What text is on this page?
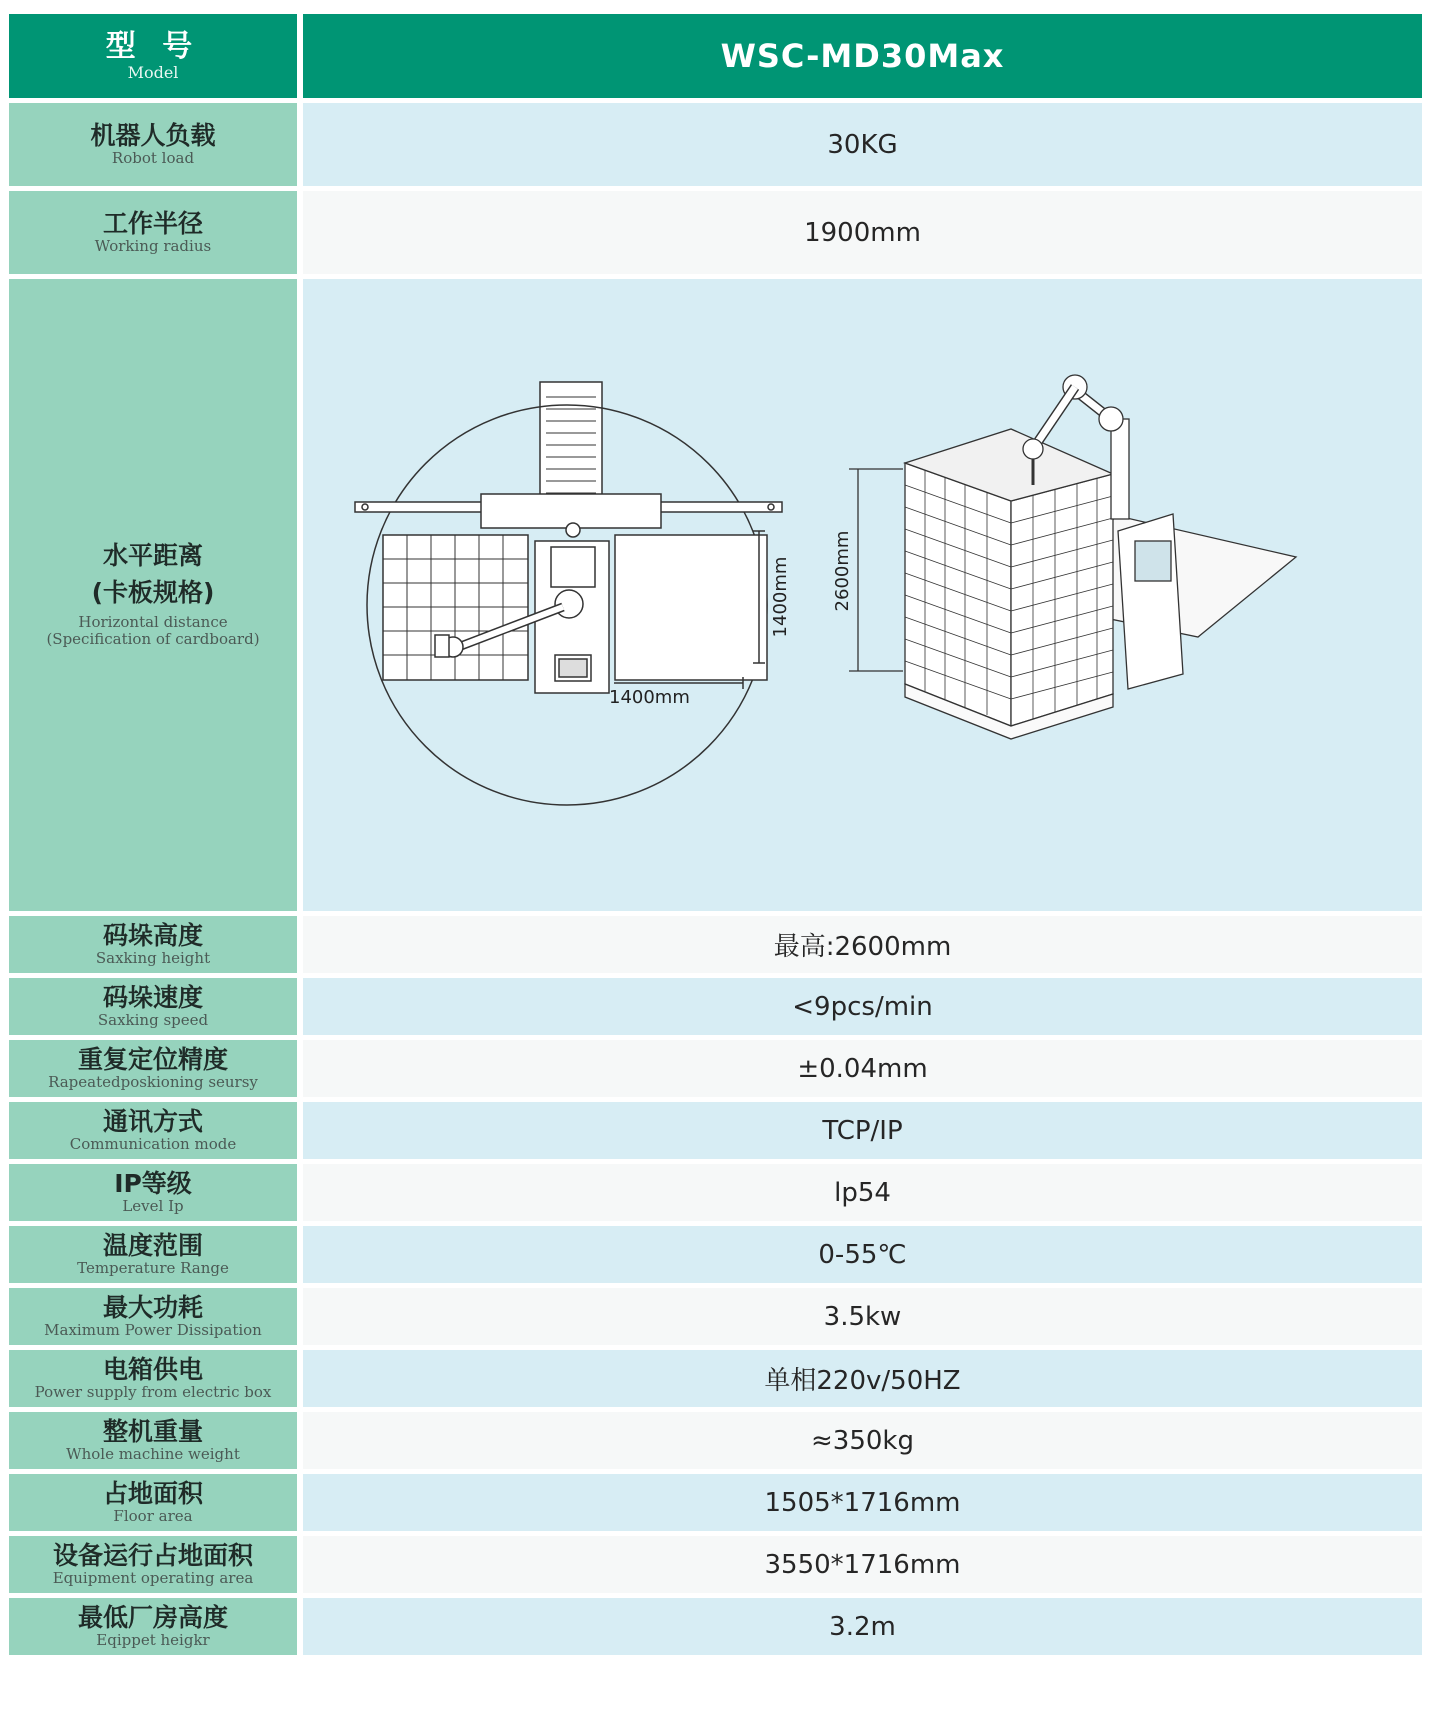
型 号
Model	WSC-MD30Max
机器人负载
Robot load	30KG
工作半径
Working radius	1900mm
水平距离
(卡板规格)
Horizontal distance
(Specification of cardboard)
1400mm
1400mm 2600mm
码垛高度
Saxking height	最高:2600mm
码垛速度
Saxking speed	<9pcs/min
重复定位精度
Rapeatedposkioning seursy	±0.04mm
通讯方式
Communication mode	TCP/IP
IP等级
Level Ip	lp54
温度范围
Temperature Range	0-55℃
最大功耗
Maximum Power Dissipation	3.5kw
电箱供电
Power supply from electric box	单相220v/50HZ
整机重量
Whole machine weight	≈350kg
占地面积
Floor area	1505*1716mm
设备运行占地面积
Equipment operating area	3550*1716mm
最低厂房高度
Eqippet heigkr	3.2m
